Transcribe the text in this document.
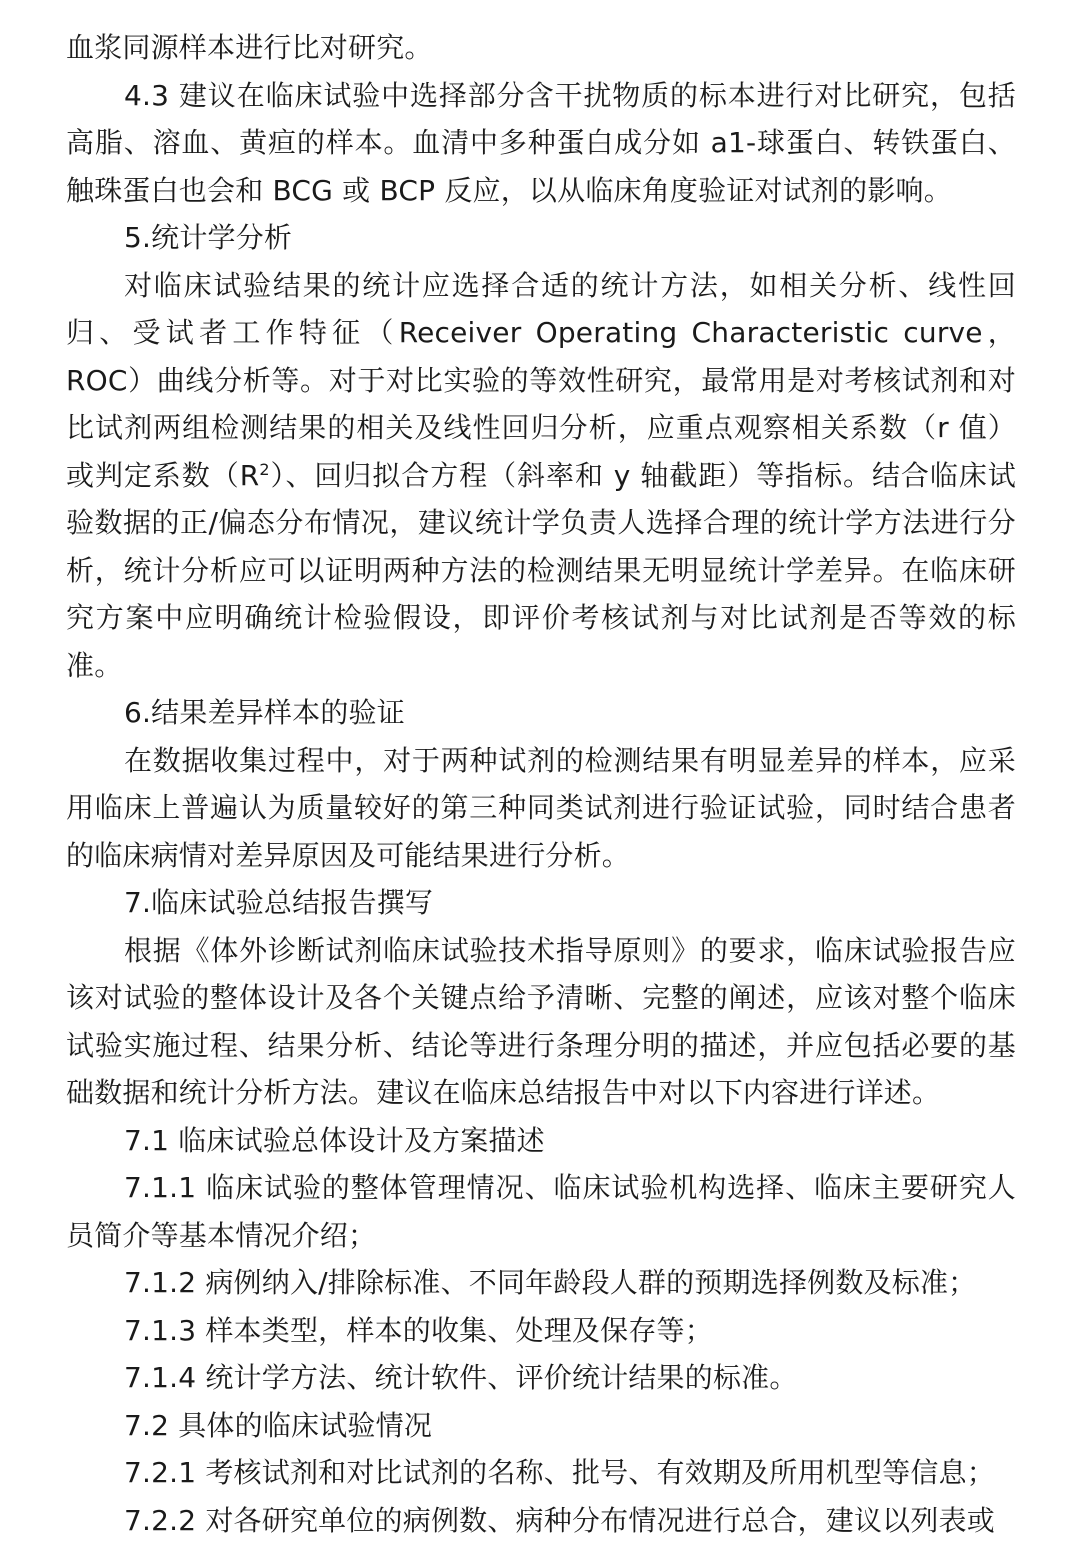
血浆同源样本进行比对研究。

4.3 建议在临床试验中选择部分含干扰物质的标本进行对比研究，包括高脂、溶血、黄疸的样本。血清中多种蛋白成分如 a1-球蛋白、转铁蛋白、触珠蛋白也会和 BCG 或 BCP 反应，以从临床角度验证对试剂的影响。

5.统计学分析

对临床试验结果的统计应选择合适的统计方法，如相关分析、线性回归、受试者工作特征（Receiver Operating Characteristic curve，ROC）曲线分析等。对于对比实验的等效性研究，最常用是对考核试剂和对比试剂两组检测结果的相关及线性回归分析，应重点观察相关系数（r 值）或判定系数$(R^2)$、回归拟合方程（斜率和 y 轴截距）等指标。结合临床试验数据的正/偏态分布情况，建议统计学负责人选择合理的统计学方法进行分析，统计分析应可以证明两种方法的检测结果无明显统计学差异。在临床研究方案中应明确统计检验假设，即评价考核试剂与对比试剂是否等效的标准。

6.结果差异样本的验证

在数据收集过程中，对于两种试剂的检测结果有明显差异的样本，应采用临床上普遍认为质量较好的第三种同类试剂进行验证试验，同时结合患者的临床病情对差异原因及可能结果进行分析。

7.临床试验总结报告撰写

根据《体外诊断试剂临床试验技术指导原则》的要求，临床试验报告应该对试验的整体设计及各个关键点给予清晰、完整的阐述，应该对整个临床试验实施过程、结果分析、结论等进行条理分明的描述，并应包括必要的基础数据和统计分析方法。建议在临床总结报告中对以下内容进行详述。

7.1 临床试验总体设计及方案描述

7.1.1 临床试验的整体管理情况、临床试验机构选择、临床主要研究人员简介等基本情况介绍；

7.1.2 病例纳入/排除标准、不同年龄段人群的预期选择例数及标准；

7.1.3 样本类型，样本的收集、处理及保存等；

7.1.4 统计学方法、统计软件、评价统计结果的标准。

7.2 具体的临床试验情况

7.2.1 考核试剂和对比试剂的名称、批号、有效期及所用机型等信息；

7.2.2 对各研究单位的病例数、病种分布情况进行总合，建议以列表或
